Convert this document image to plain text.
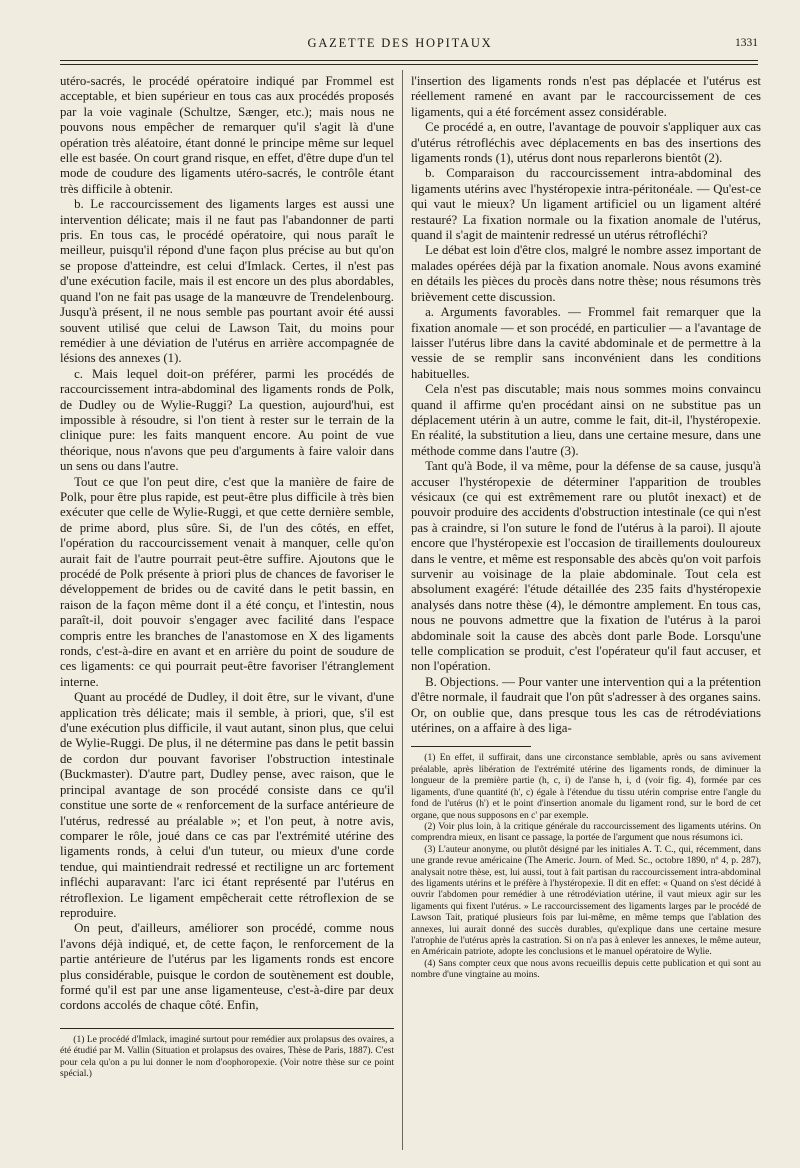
GAZETTE DES HOPITAUX	1331

utéro-sacrés, le procédé opératoire indiqué par Frommel est acceptable, et bien supérieur en tous cas aux procédés proposés par la voie vaginale (Schultze, Sænger, etc.); mais nous ne pouvons nous empêcher de remarquer qu'il s'agit là d'une opération très aléatoire, étant donné le principe même sur lequel elle est basée. On court grand risque, en effet, d'être dupe d'un tel mode de coudure des ligaments utéro-sacrés, le contrôle étant très difficile à obtenir.

b. Le raccourcissement des ligaments larges est aussi une intervention délicate; mais il ne faut pas l'abandonner de parti pris. En tous cas, le procédé opératoire, qui nous paraît le meilleur, puisqu'il répond d'une façon plus précise au but qu'on se propose d'atteindre, est celui d'Imlack. Certes, il n'est pas d'une exécution facile, mais il est encore un des plus abordables, quand l'on ne fait pas usage de la manœuvre de Trendelenbourg. Jusqu'à présent, il ne nous semble pas pourtant avoir été aussi souvent utilisé que celui de Lawson Tait, du moins pour remédier à une déviation de l'utérus en arrière accompagnée de lésions des annexes (1).

c. Mais lequel doit-on préférer, parmi les procédés de raccourcissement intra-abdominal des ligaments ronds de Polk, de Dudley ou de Wylie-Ruggi? La question, aujourd'hui, est impossible à résoudre, si l'on tient à rester sur le terrain de la clinique pure: les faits manquent encore. Au point de vue théorique, nous n'avons que peu d'arguments à faire valoir dans un sens ou dans l'autre.

Tout ce que l'on peut dire, c'est que la manière de faire de Polk, pour être plus rapide, est peut-être plus difficile à très bien exécuter que celle de Wylie-Ruggi, et que cette dernière semble, de prime abord, plus sûre. Si, de l'un des côtés, en effet, l'opération du raccourcissement venait à manquer, celle qu'on aurait fait de l'autre pourrait peut-être suffire. Ajoutons que le procédé de Polk présente à priori plus de chances de favoriser le développement de brides ou de cavité dans le petit bassin, en raison de la façon même dont il a été conçu, et l'intestin, nous paraît-il, doit pouvoir s'engager avec facilité dans l'espace compris entre les branches de l'anastomose en X des ligaments ronds, c'est-à-dire en avant et en arrière du point de soudure de ces ligaments: ce qui pourrait peut-être favoriser l'étranglement interne.

Quant au procédé de Dudley, il doit être, sur le vivant, d'une application très délicate; mais il semble, à priori, que, s'il est d'une exécution plus difficile, il vaut autant, sinon plus, que celui de Wylie-Ruggi. De plus, il ne détermine pas dans le petit bassin de cordon dur pouvant favoriser l'obstruction intestinale (Buckmaster). D'autre part, Dudley pense, avec raison, que le principal avantage de son procédé consiste dans ce qu'il constitue une sorte de « renforcement de la surface antérieure de l'utérus, redressé au préalable »; et l'on peut, à notre avis, comparer le rôle, joué dans ce cas par l'extrémité utérine des ligaments ronds, à celui d'un tuteur, ou mieux d'une corde tendue, qui maintiendrait redressé et rectiligne un arc fortement infléchi auparavant: l'arc ici étant représenté par l'utérus en rétroflexion. Le ligament empêcherait cette rétroflexion de se reproduire.

On peut, d'ailleurs, améliorer son procédé, comme nous l'avons déjà indiqué, et, de cette façon, le renforcement de la partie antérieure de l'utérus par les ligaments ronds est encore plus considérable, puisque le cordon de soutènement est double, formé qu'il est par une anse ligamenteuse, c'est-à-dire par deux cordons accolés de chaque côté. Enfin,

(1) Le procédé d'Imlack, imaginé surtout pour remédier aux prolapsus des ovaires, a été étudié par M. Vallin (Situation et prolapsus des ovaires, Thèse de Paris, 1887). C'est pour cela qu'on a pu lui donner le nom d'oophoropexie. (Voir notre thèse sur ce point spécial.)

l'insertion des ligaments ronds n'est pas déplacée et l'utérus est réellement ramené en avant par le raccourcissement de ces ligaments, qui a été forcément assez considérable.

Ce procédé a, en outre, l'avantage de pouvoir s'appliquer aux cas d'utérus rétrofléchis avec déplacements en bas des insertions des ligaments ronds (1), utérus dont nous reparlerons bientôt (2).

b. Comparaison du raccourcissement intra-abdominal des ligaments utérins avec l'hystéropexie intra-péritonéale. — Qu'est-ce qui vaut le mieux? Un ligament artificiel ou un ligament altéré restauré? La fixation normale ou la fixation anomale de l'utérus, quand il s'agit de maintenir redressé un utérus rétrofléchi?

Le débat est loin d'être clos, malgré le nombre assez important de malades opérées déjà par la fixation anomale. Nous avons examiné en détails les pièces du procès dans notre thèse; nous résumons très brièvement cette discussion.

a. Arguments favorables. — Frommel fait remarquer que la fixation anomale — et son procédé, en particulier — a l'avantage de laisser l'utérus libre dans la cavité abdominale et de permettre à la vessie de se remplir sans inconvénient dans les conditions habituelles.

Cela n'est pas discutable; mais nous sommes moins convaincu quand il affirme qu'en procédant ainsi on ne substitue pas un déplacement utérin à un autre, comme le fait, dit-il, l'hystéropexie. En réalité, la substitution a lieu, dans une certaine mesure, dans une méthode comme dans l'autre (3).

Tant qu'à Bode, il va même, pour la défense de sa cause, jusqu'à accuser l'hystéropexie de déterminer l'apparition de troubles vésicaux (ce qui est extrêmement rare ou plutôt inexact) et de pouvoir produire des accidents d'obstruction intestinale (ce qui n'est pas à craindre, si l'on suture le fond de l'utérus à la paroi). Il ajoute encore que l'hystéropexie est l'occasion de tiraillements douloureux dans le ventre, et même est responsable des abcès qu'on voit parfois survenir au voisinage de la plaie abdominale. Tout cela est absolument exagéré: l'étude détaillée des 235 faits d'hystéropexie analysés dans notre thèse (4), le démontre amplement. En tous cas, nous ne pouvons admettre que la fixation de l'utérus à la paroi abdominale soit la cause des abcès dont parle Bode. Lorsqu'une telle complication se produit, c'est l'opérateur qu'il faut accuser, et non l'opération.

B. Objections. — Pour vanter une intervention qui a la prétention d'être normale, il faudrait que l'on pût s'adresser à des organes sains. Or, on oublie que, dans presque tous les cas de rétrodéviations utérines, on a affaire à des liga-

(1) En effet, il suffirait, dans une circonstance semblable, après ou sans avivement préalable, après libération de l'extrémité utérine des ligaments ronds, de diminuer la longueur de la première partie (h, c, i) de l'anse h, i, d (voir fig. 4), formée par ces ligaments, d'une quantité (h', c) égale à l'étendue du tissu utérin comprise entre l'angle du fond de l'utérus (h') et le point d'insertion anomale du ligament rond, sur le bord de cet organe, que nous supposons en c' par exemple.

(2) Voir plus loin, à la critique générale du raccourcissement des ligaments utérins. On comprendra mieux, en lisant ce passage, la portée de l'argument que nous résumons ici.

(3) L'auteur anonyme, ou plutôt désigné par les initiales A. T. C., qui, récemment, dans une grande revue américaine (The Americ. Journ. of Med. Sc., octobre 1890, nº 4, p. 287), analysait notre thèse, est, lui aussi, tout à fait partisan du raccourcissement intra-abdominal des ligaments utérins et le préfère à l'hystéropexie. Il dit en effet: « Quand on s'est décidé à ouvrir l'abdomen pour remédier à une rétrodéviation utérine, il vaut mieux agir sur les ligaments qui fixent l'utérus. » Le raccourcissement des ligaments larges par le procédé de Lawson Tait, pratiqué plusieurs fois par lui-même, en même temps que l'ablation des annexes, lui aurait donné des succès durables, qu'explique dans une certaine mesure l'atrophie de l'utérus après la castration. Si on n'a pas à enlever les annexes, le même auteur, en Américain patriote, adopte les conclusions et le manuel opératoire de Wylie.

(4) Sans compter ceux que nous avons recueillis depuis cette publication et qui sont au nombre d'une vingtaine au moins.
